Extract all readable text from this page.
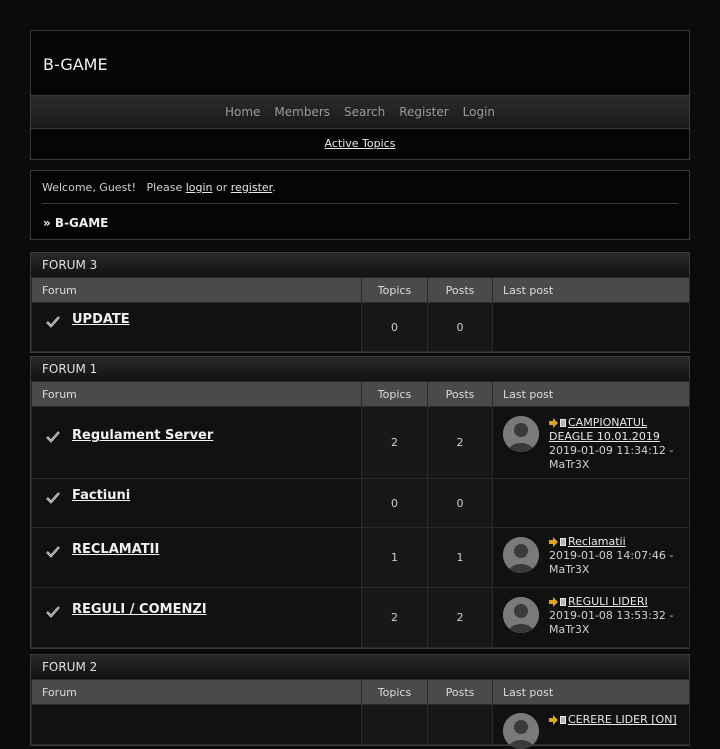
B-GAME
Home Members Search Register Login
Active Topics
Welcome, Guest!   Please login or register.
» B-GAME
FORUM 3
Forum	Topics	Posts	Last post

UPDATE	0	0	
FORUM 1
Forum	Topics	Posts	Last post

Regulament Server	2	2	CAMPIONATUL DEAGLE 10.01.2019
2019-01-09 11:34:12 -
MaTr3X

Factiuni	0	0	

RECLAMATII	1	1	Reclamatii
2019-01-08 14:07:46 -
MaTr3X

REGULI / COMENZI	2	2	REGULI LIDERI
2019-01-08 13:53:32 -
MaTr3X
FORUM 2
Forum	Topics	Posts	Last post

			CERERE LIDER [ON]
